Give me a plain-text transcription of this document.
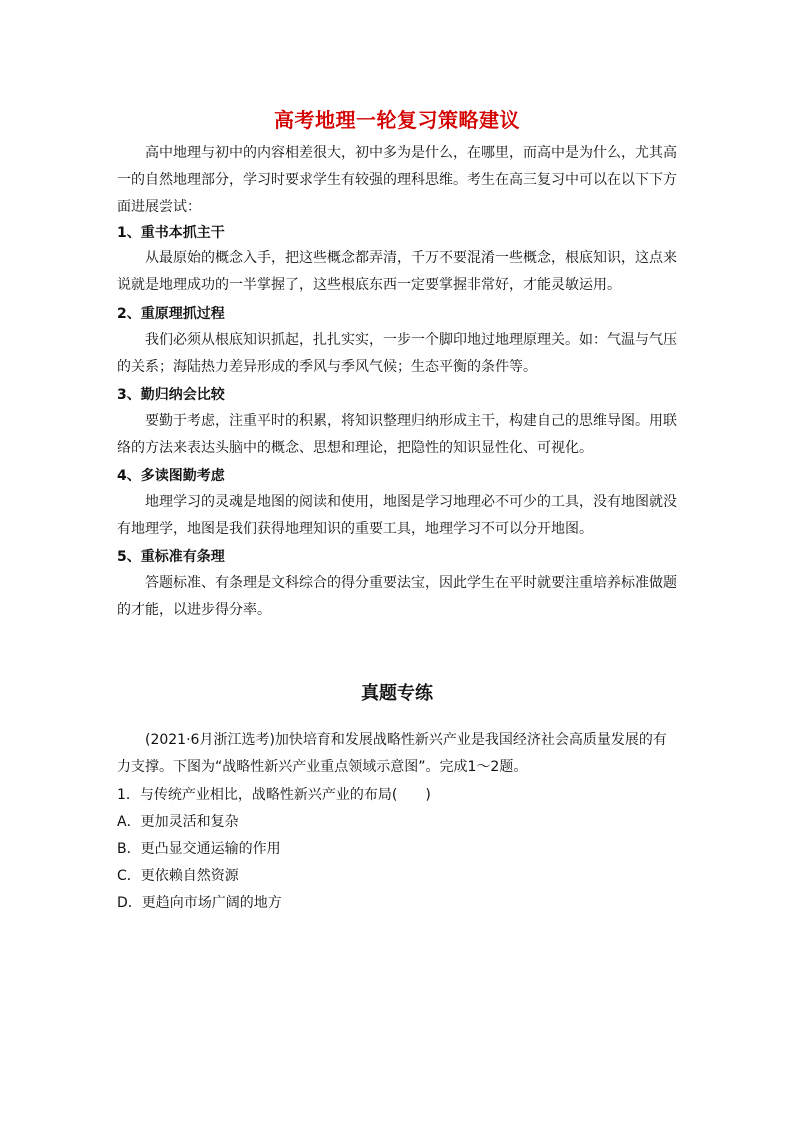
高考地理一轮复习策略建议

高中地理与初中的内容相差很大，初中多为是什么，在哪里，而高中是为什么，尤其高一的自然地理部分，学习时要求学生有较强的理科思维。考生在高三复习中可以在以下下方面进展尝试：

1、重书本抓主干

从最原始的概念入手，把这些概念都弄清，千万不要混淆一些概念，根底知识，这点来说就是地理成功的一半掌握了，这些根底东西一定要掌握非常好，才能灵敏运用。

2、重原理抓过程

我们必须从根底知识抓起，扎扎实实，一步一个脚印地过地理原理关。如：气温与气压的关系；海陆热力差异形成的季风与季风气候；生态平衡的条件等。

3、勤归纳会比较

要勤于考虑，注重平时的积累，将知识整理归纳形成主干，构建自己的思维导图。用联络的方法来表达头脑中的概念、思想和理论，把隐性的知识显性化、可视化。

4、多读图勤考虑

地理学习的灵魂是地图的阅读和使用，地图是学习地理必不可少的工具，没有地图就没有地理学，地图是我们获得地理知识的重要工具，地理学习不可以分开地图。

5、重标准有条理

答题标准、有条理是文科综合的得分重要法宝，因此学生在平时就要注重培养标准做题的才能，以进步得分率。

真题专练

(2021·6月浙江选考)加快培育和发展战略性新兴产业是我国经济社会高质量发展的有力支撑。下图为“战略性新兴产业重点领域示意图”。完成1～2题。

1．与传统产业相比，战略性新兴产业的布局(　　)
A．更加灵活和复杂
B．更凸显交通运输的作用
C．更依赖自然资源
D．更趋向市场广阔的地方
